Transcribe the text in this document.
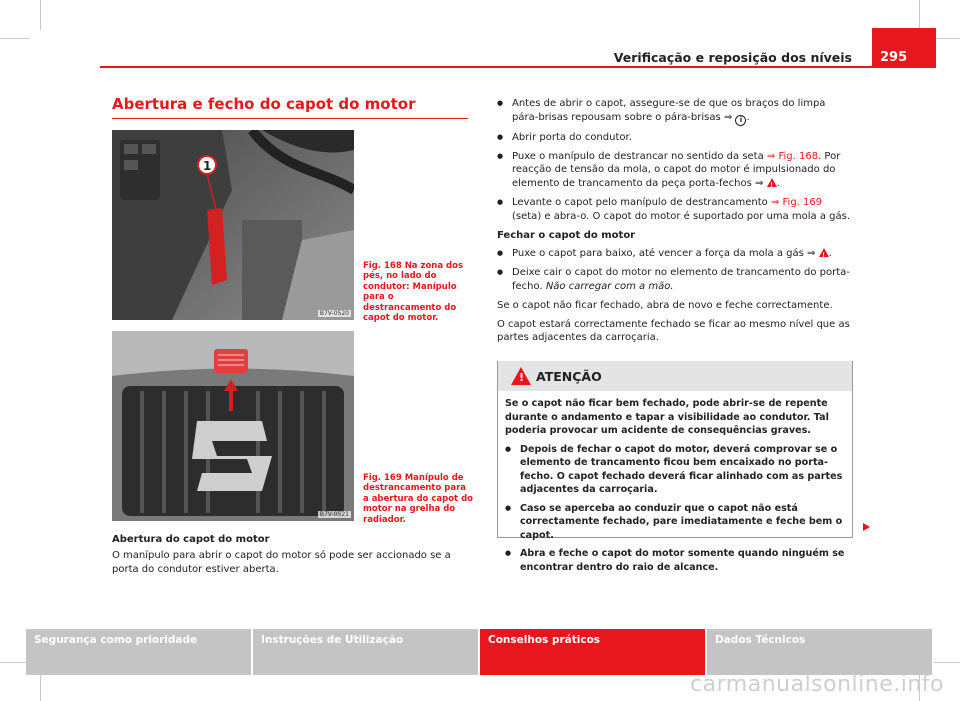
Verificação e reposição dos níveis	295
Abertura e fecho do capot do motor
1
B7V-0520
Fig. 168 Na zona dos pés, no lado do condutor: Manípulo para o destrancamento do capot do motor.
B7V-0521
Fig. 169 Manípulo de destrancamento para a abertura do capot do motor na grelha do radiador.
Abertura do capot do motor
O manípulo para abrir o capot do motor só pode ser accionado se a porta do condutor estiver aberta.

● Antes de abrir o capot, assegure-se de que os braços do limpa pára-brisas repousam sobre o pára-brisas ⇒ i .

● Abrir porta do condutor.

● Puxe o manípulo de destrancar no sentido da seta ⇒ Fig. 168. Por reacção de tensão da mola, o capot do motor é impulsionado do elemento de trancamento da peça porta-fechos ⇒ ! .

● Levante o capot pelo manípulo de destrancamento ⇒ Fig. 169 (seta) e abra-o. O capot do motor é suportado por uma mola a gás.

Fechar o capot do motor

● Puxe o capot para baixo, até vencer a força da mola a gás ⇒ ! .

● Deixe cair o capot do motor no elemento de trancamento do porta-fecho. Não carregar com a mão.

Se o capot não ficar fechado, abra de novo e feche correctamente.

O capot estará correctamente fechado se ficar ao mesmo nível que as partes adjacentes da carroçaria.

! ATENÇÃO

Se o capot não ficar bem fechado, pode abrir-se de repente durante o andamento e tapar a visibilidade ao condutor. Tal poderia provocar um acidente de consequências graves.

● Depois de fechar o capot do motor, deverá comprovar se o elemento de trancamento ficou bem encaixado no porta-fecho. O capot fechado deverá ficar alinhado com as partes adjacentes da carroçaria.

● Caso se aperceba ao conduzir que o capot não está correctamente fechado, pare imediatamente e feche bem o capot.

● Abra e feche o capot do motor somente quando ninguém se encontrar dentro do raio de alcance.

Segurança como prioridade	Instruções de Utilização	Conselhos práticos	Dados Técnicos
carmanualsonline.info
